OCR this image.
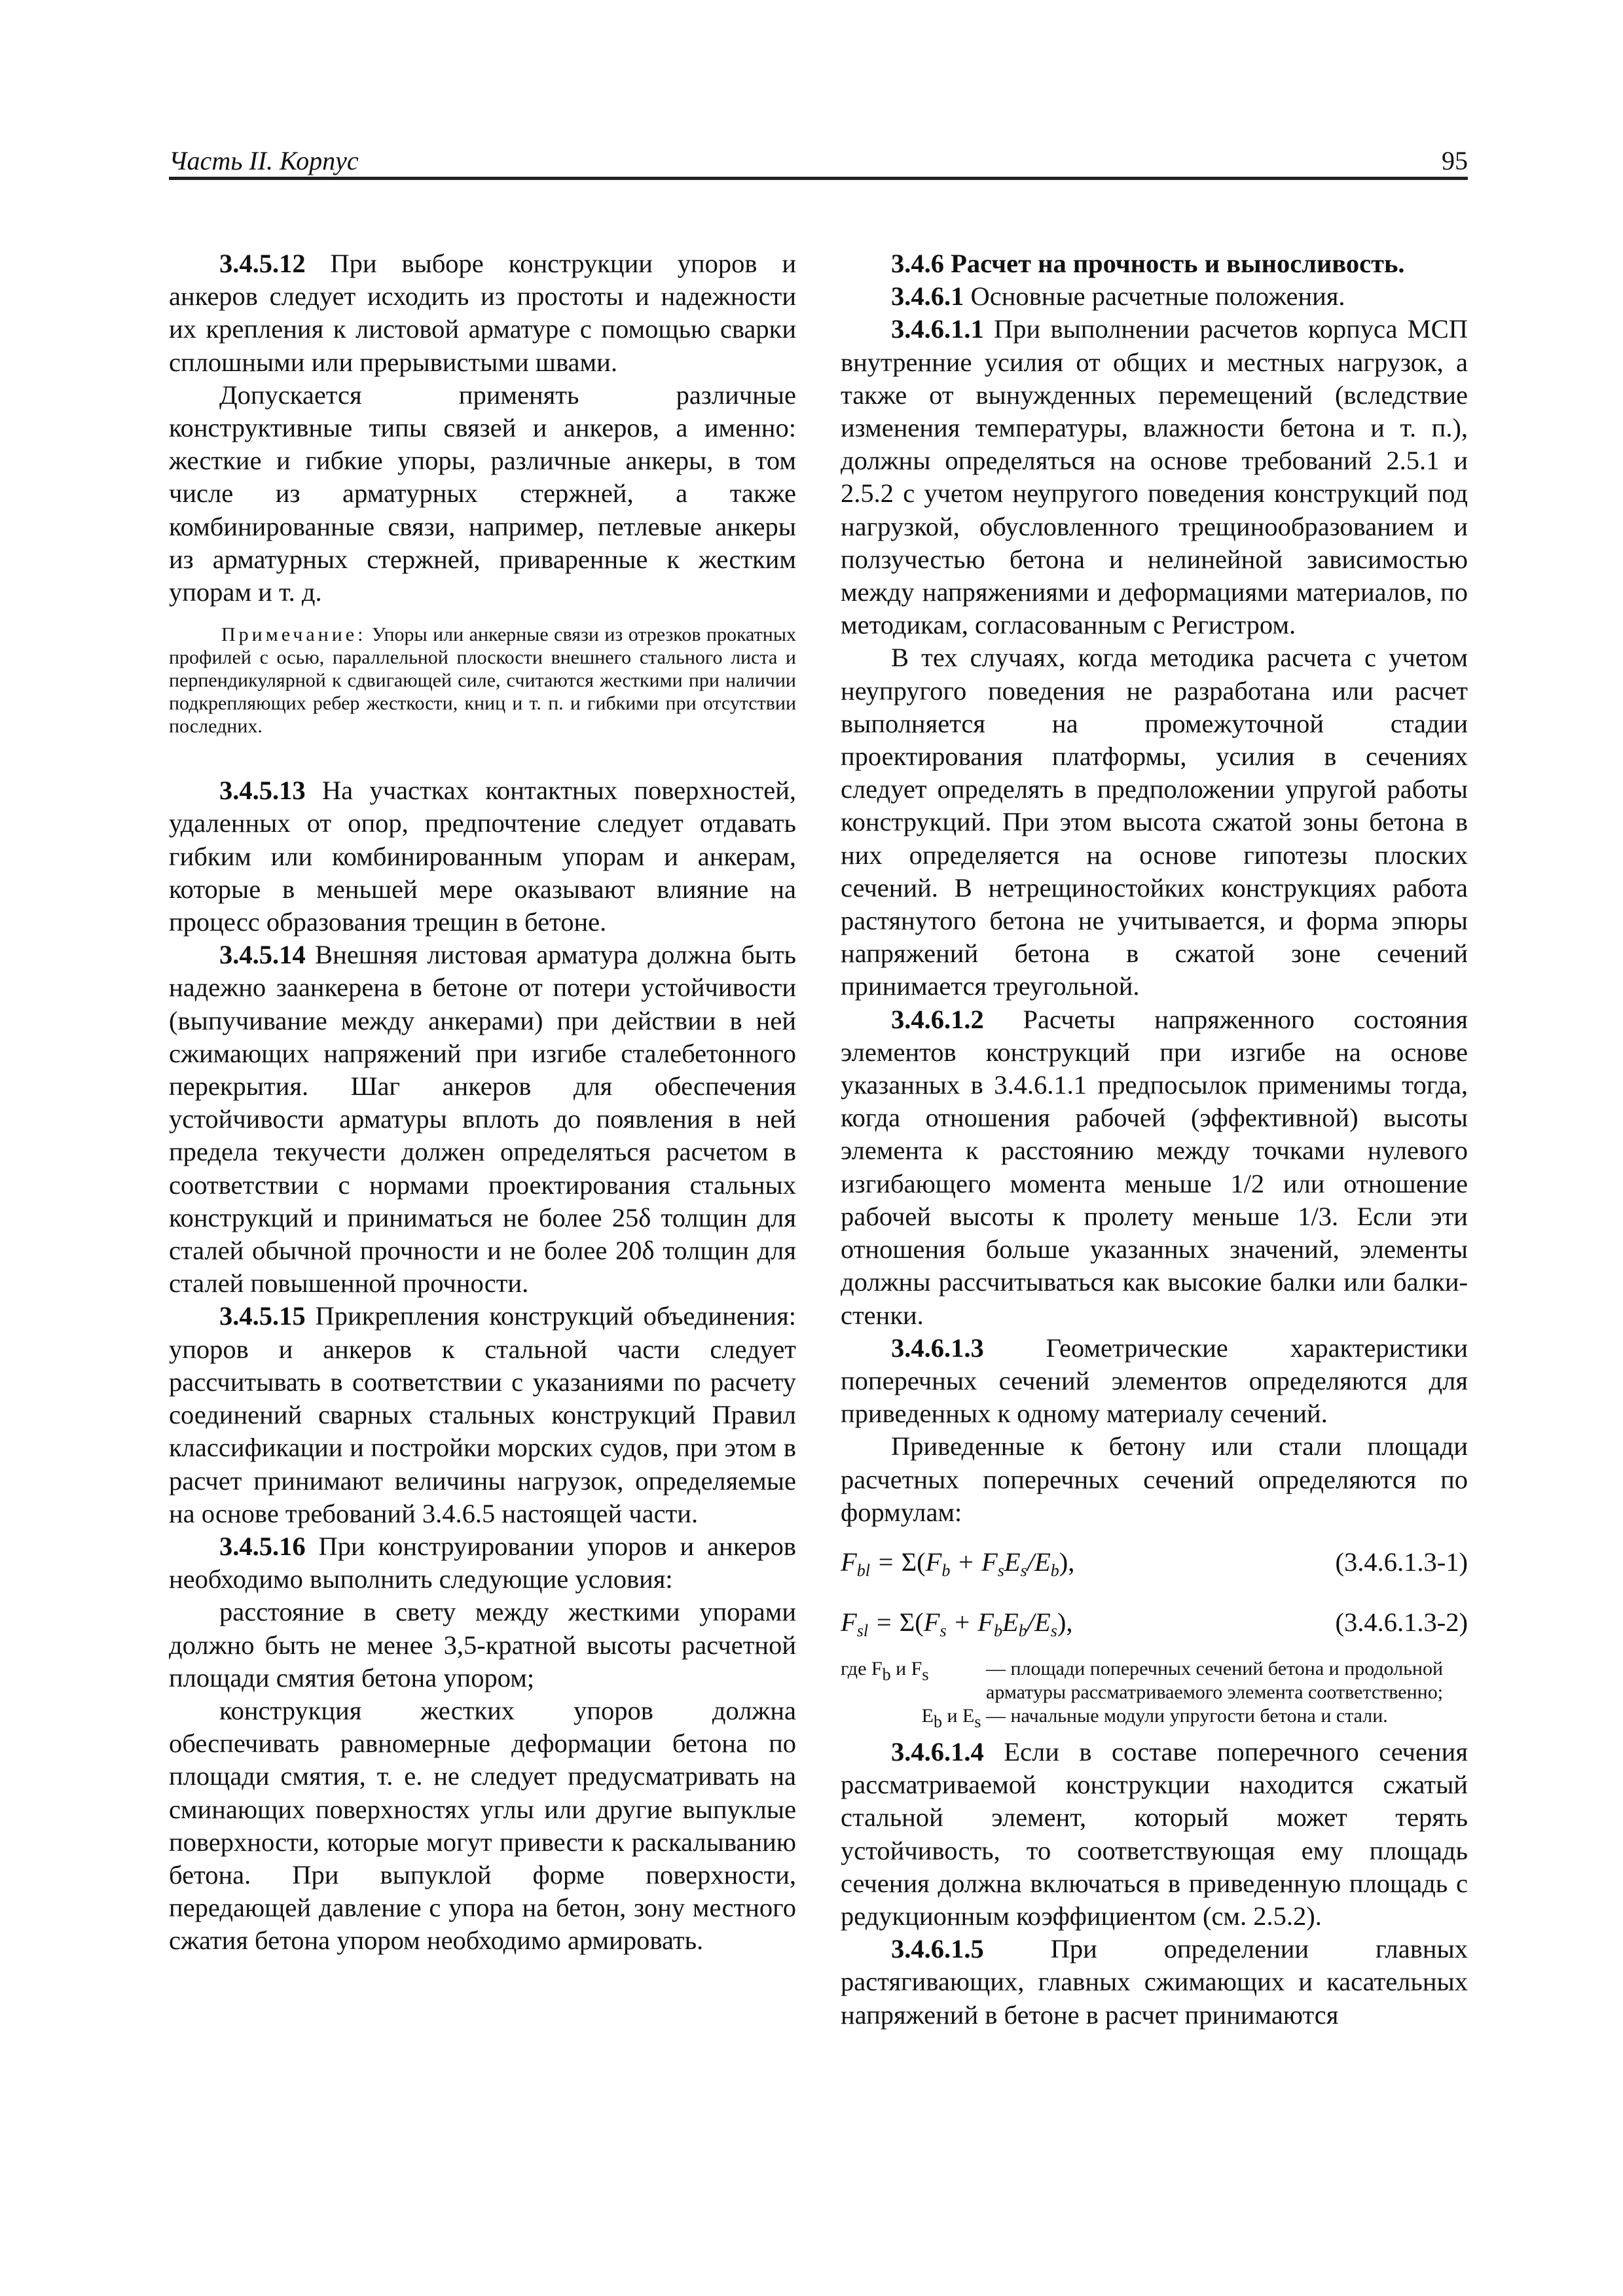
Часть II. Корпус	95

3.4.5.12 При выборе конструкции упоров и анкеров следует исходить из простоты и надежности их крепления к листовой арматуре с помощью сварки сплошными или прерывистыми швами.

Допускается применять различные конструктивные типы связей и анкеров, а именно: жесткие и гибкие упоры, различные анкеры, в том числе из арматурных стержней, а также комбинированные связи, например, петлевые анкеры из арматурных стержней, приваренные к жестким упорам и т. д.

Примечание: Упоры или анкерные связи из отрезков прокатных профилей с осью, параллельной плоскости внешнего стального листа и перпендикулярной к сдвигающей силе, считаются жесткими при наличии подкрепляющих ребер жесткости, книц и т. п. и гибкими при отсутствии последних.

3.4.5.13 На участках контактных поверхностей, удаленных от опор, предпочтение следует отдавать гибким или комбинированным упорам и анкерам, которые в меньшей мере оказывают влияние на процесс образования трещин в бетоне.

3.4.5.14 Внешняя листовая арматура должна быть надежно заанкерена в бетоне от потери устойчивости (выпучивание между анкерами) при действии в ней сжимающих напряжений при изгибе сталебетонного перекрытия. Шаг анкеров для обеспечения устойчивости арматуры вплоть до появления в ней предела текучести должен определяться расчетом в соответствии с нормами проектирования стальных конструкций и приниматься не более 25δ толщин для сталей обычной прочности и не более 20δ толщин для сталей повышенной прочности.

3.4.5.15 Прикрепления конструкций объединения: упоров и анкеров к стальной части следует рассчитывать в соответствии с указаниями по расчету соединений сварных стальных конструкций Правил классификации и постройки морских судов, при этом в расчет принимают величины нагрузок, определяемые на основе требований 3.4.6.5 настоящей части.

3.4.5.16 При конструировании упоров и анкеров необходимо выполнить следующие условия:

расстояние в свету между жесткими упорами должно быть не менее 3,5-кратной высоты расчетной площади смятия бетона упором;

конструкция жестких упоров должна обеспечивать равномерные деформации бетона по площади смятия, т. е. не следует предусматривать на сминающих поверхностях углы или другие выпуклые поверхности, которые могут привести к раскалыванию бетона. При выпуклой форме поверхности, передающей давление с упора на бетон, зону местного сжатия бетона упором необходимо армировать.

3.4.6 Расчет на прочность и выносливость.

3.4.6.1 Основные расчетные положения.

3.4.6.1.1 При выполнении расчетов корпуса МСП внутренние усилия от общих и местных нагрузок, а также от вынужденных перемещений (вследствие изменения температуры, влажности бетона и т. п.), должны определяться на основе требований 2.5.1 и 2.5.2 с учетом неупругого поведения конструкций под нагрузкой, обусловленного трещинообразованием и ползучестью бетона и нелинейной зависимостью между напряжениями и деформациями материалов, по методикам, согласованным с Регистром.

В тех случаях, когда методика расчета с учетом неупругого поведения не разработана или расчет выполняется на промежуточной стадии проектирования платформы, усилия в сечениях следует определять в предположении упругой работы конструкций. При этом высота сжатой зоны бетона в них определяется на основе гипотезы плоских сечений. В нетрещиностойких конструкциях работа растянутого бетона не учитывается, и форма эпюры напряжений бетона в сжатой зоне сечений принимается треугольной.

3.4.6.1.2 Расчеты напряженного состояния элементов конструкций при изгибе на основе указанных в 3.4.6.1.1 предпосылок применимы тогда, когда отношения рабочей (эффективной) высоты элемента к расстоянию между точками нулевого изгибающего момента меньше 1/2 или отношение рабочей высоты к пролету меньше 1/3. Если эти отношения больше указанных значений, элементы должны рассчитываться как высокие балки или балки-стенки.

3.4.6.1.3 Геометрические характеристики поперечных сечений элементов определяются для приведенных к одному материалу сечений.

Приведенные к бетону или стали площади расчетных поперечных сечений определяются по формулам:

$F_{bl} = \Sigma(F_b + F_sE_s/E_b)$,	(3.4.6.1.3-1)
$F_{sl} = \Sigma(F_s + F_bE_b/E_s)$,	(3.4.6.1.3-2)
где $F_b$ и $F_s$	— площади поперечных сечений бетона и продольной арматуры рассматриваемого элемента соответственно;
$E_b$ и $E_s$ — начальные модули упругости бетона и стали.

3.4.6.1.4 Если в составе поперечного сечения рассматриваемой конструкции находится сжатый стальной элемент, который может терять устойчивость, то соответствующая ему площадь сечения должна включаться в приведенную площадь с редукционным коэффициентом (см. 2.5.2).

3.4.6.1.5 При определении главных растягивающих, главных сжимающих и касательных напряжений в бетоне в расчет принимаются
